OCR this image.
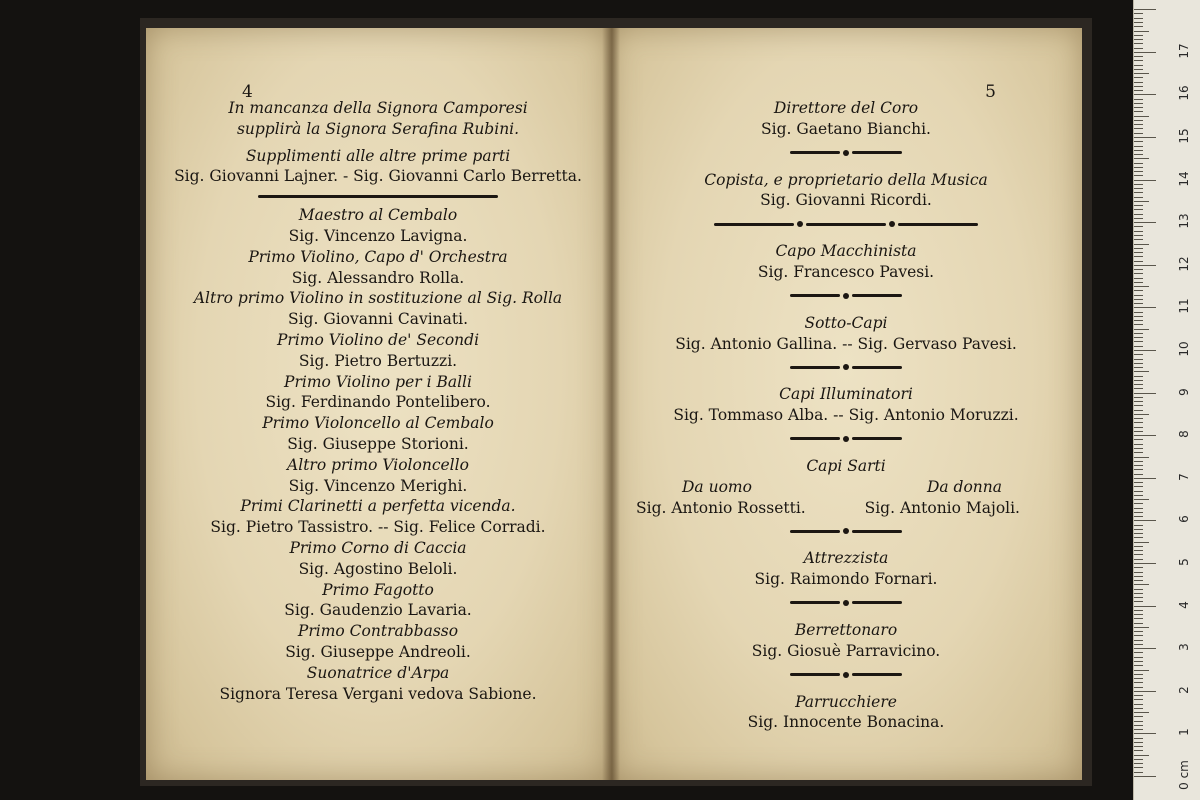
4
In mancanza della Signora Camporesi
supplirà la Signora Serafina Rubini.
Supplimenti alle altre prime parti
Sig. Giovanni Lajner. - Sig. Giovanni Carlo Berretta.
Maestro al Cembalo
Sig. Vincenzo Lavigna.
Primo Violino, Capo d' Orchestra
Sig. Alessandro Rolla.
Altro primo Violino in sostituzione al Sig. Rolla
Sig. Giovanni Cavinati.
Primo Violino de' Secondi
Sig. Pietro Bertuzzi.
Primo Violino per i Balli
Sig. Ferdinando Pontelibero.
Primo Violoncello al Cembalo
Sig. Giuseppe Storioni.
Altro primo Violoncello
Sig. Vincenzo Merighi.
Primi Clarinetti a perfetta vicenda.
Sig. Pietro Tassistro. -- Sig. Felice Corradi.
Primo Corno di Caccia
Sig. Agostino Beloli.
Primo Fagotto
Sig. Gaudenzio Lavaria.
Primo Contrabbasso
Sig. Giuseppe Andreoli.
Suonatrice d'Arpa
Signora Teresa Vergani vedova Sabione.
5
Direttore del Coro
Sig. Gaetano Bianchi.
Copista, e proprietario della Musica
Sig. Giovanni Ricordi.
Capo Macchinista
Sig. Francesco Pavesi.
Sotto-Capi
Sig. Antonio Gallina. -- Sig. Gervaso Pavesi.
Capi Illuminatori
Sig. Tommaso Alba. -- Sig. Antonio Moruzzi.
Capi Sarti
Da uomo	Da donna
Sig. Antonio Rossetti.	Sig. Antonio Majoli.
Attrezzista
Sig. Raimondo Fornari.
Berrettonaro
Sig. Giosuè Parravicino.
Parrucchiere
Sig. Innocente Bonacina.
0 cm
1
2
3
4
5
6
7
8
9
10
11
12
13
14
15
16
17
